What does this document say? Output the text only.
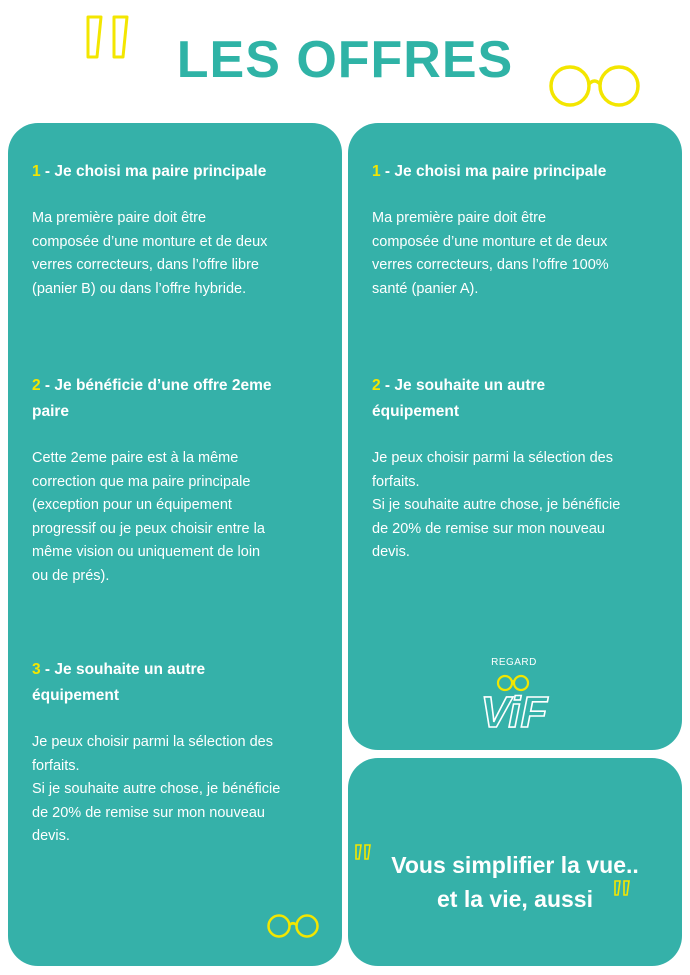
LES OFFRES
1 - Je choisi ma paire principale
Ma première paire doit être
composée d’une monture et de deux
verres correcteurs, dans l’offre libre
(panier B) ou dans l’offre hybride.
2 - Je bénéficie d’une offre 2eme
paire
Cette 2eme paire est à la même
correction que ma paire principale
(exception pour un équipement
progressif ou je peux choisir entre la
même vision ou uniquement de loin
ou de prés).
3 - Je souhaite un autre
équipement
Je peux choisir parmi la sélection des
forfaits.
Si je souhaite autre chose, je bénéficie
de 20% de remise sur mon nouveau
devis.
1 - Je choisi ma paire principale
Ma première paire doit être
composée d’une monture et de deux
verres correcteurs, dans l’offre 100%
santé (panier A).
2 - Je souhaite un autre
équipement
Je peux choisir parmi la sélection des
forfaits.
Si je souhaite autre chose, je bénéficie
de 20% de remise sur mon nouveau
devis.
REGARD
ViF
Vous simplifier la vue..
et la vie, aussi
